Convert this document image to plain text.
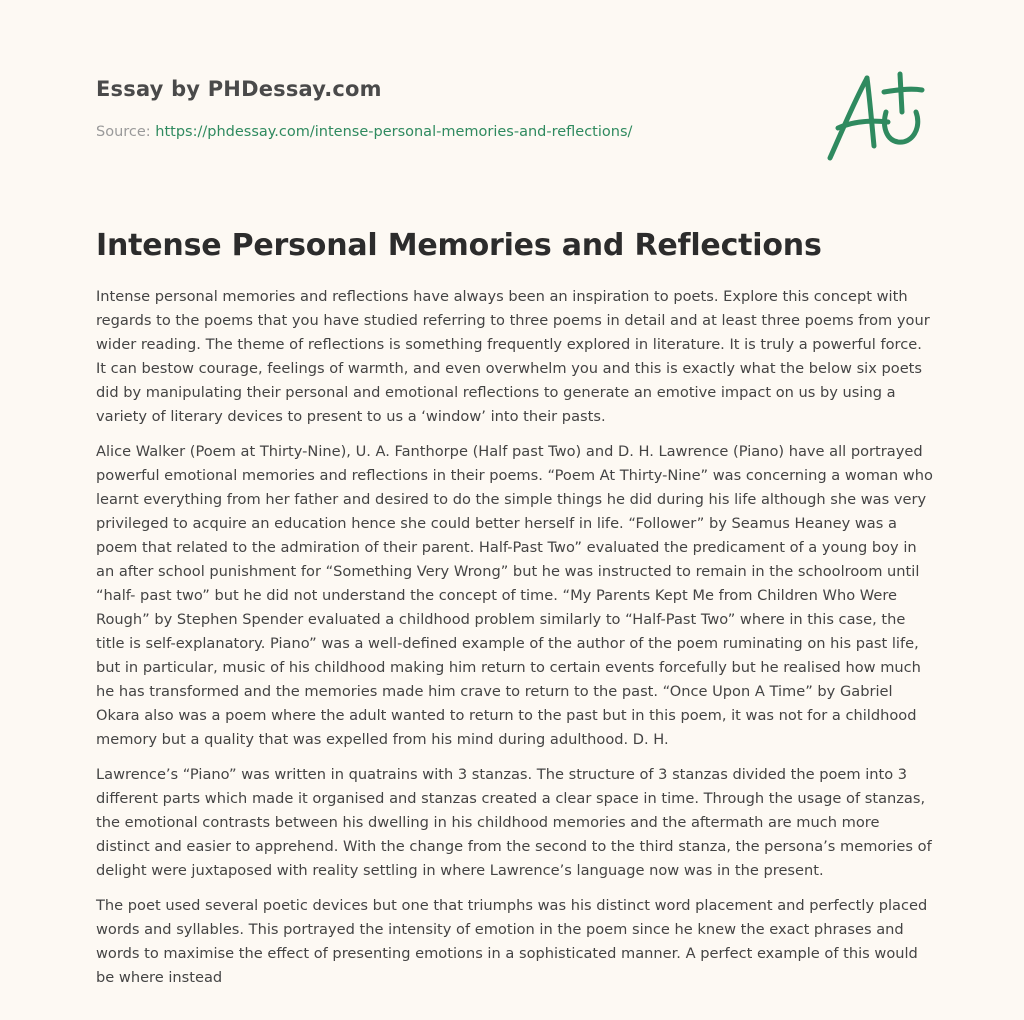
Essay by PHDessay.com
Source: https://phdessay.com/intense-personal-memories-and-reflections/
Intense Personal Memories and Reflections

Intense personal memories and reflections have always been an inspiration to poets. Explore this concept with regards to the poems that you have studied referring to three poems in detail and at least three poems from your wider reading. The theme of reflections is something frequently explored in literature. It is truly a powerful force. It can bestow courage, feelings of warmth, and even overwhelm you and this is exactly what the below six poets did by manipulating their personal and emotional reflections to generate an emotive impact on us by using a variety of literary devices to present to us a ‘window’ into their pasts.

Alice Walker (Poem at Thirty-Nine), U. A. Fanthorpe (Half past Two) and D. H. Lawrence (Piano) have all portrayed powerful emotional memories and reflections in their poems. “Poem At Thirty-Nine” was concerning a woman who learnt everything from her father and desired to do the simple things he did during his life although she was very privileged to acquire an education hence she could better herself in life. “Follower” by Seamus Heaney was a poem that related to the admiration of their parent. Half-Past Two” evaluated the predicament of a young boy in an after school punishment for “Something Very Wrong” but he was instructed to remain in the schoolroom until “half- past two” but he did not understand the concept of time. “My Parents Kept Me from Children Who Were Rough” by Stephen Spender evaluated a childhood problem similarly to “Half-Past Two” where in this case, the title is self-explanatory. Piano” was a well-defined example of the author of the poem ruminating on his past life, but in particular, music of his childhood making him return to certain events forcefully but he realised how much he has transformed and the memories made him crave to return to the past. “Once Upon A Time” by Gabriel Okara also was a poem where the adult wanted to return to the past but in this poem, it was not for a childhood memory but a quality that was expelled from his mind during adulthood. D. H.

Lawrence’s “Piano” was written in quatrains with 3 stanzas. The structure of 3 stanzas divided the poem into 3 different parts which made it organised and stanzas created a clear space in time. Through the usage of stanzas, the emotional contrasts between his dwelling in his childhood memories and the aftermath are much more distinct and easier to apprehend. With the change from the second to the third stanza, the persona’s memories of delight were juxtaposed with reality settling in where Lawrence’s language now was in the present.

The poet used several poetic devices but one that triumphs was his distinct word placement and perfectly placed words and syllables. This portrayed the intensity of emotion in the poem since he knew the exact phrases and words to maximise the effect of presenting emotions in a sophisticated manner. A perfect example of this would be where instead
